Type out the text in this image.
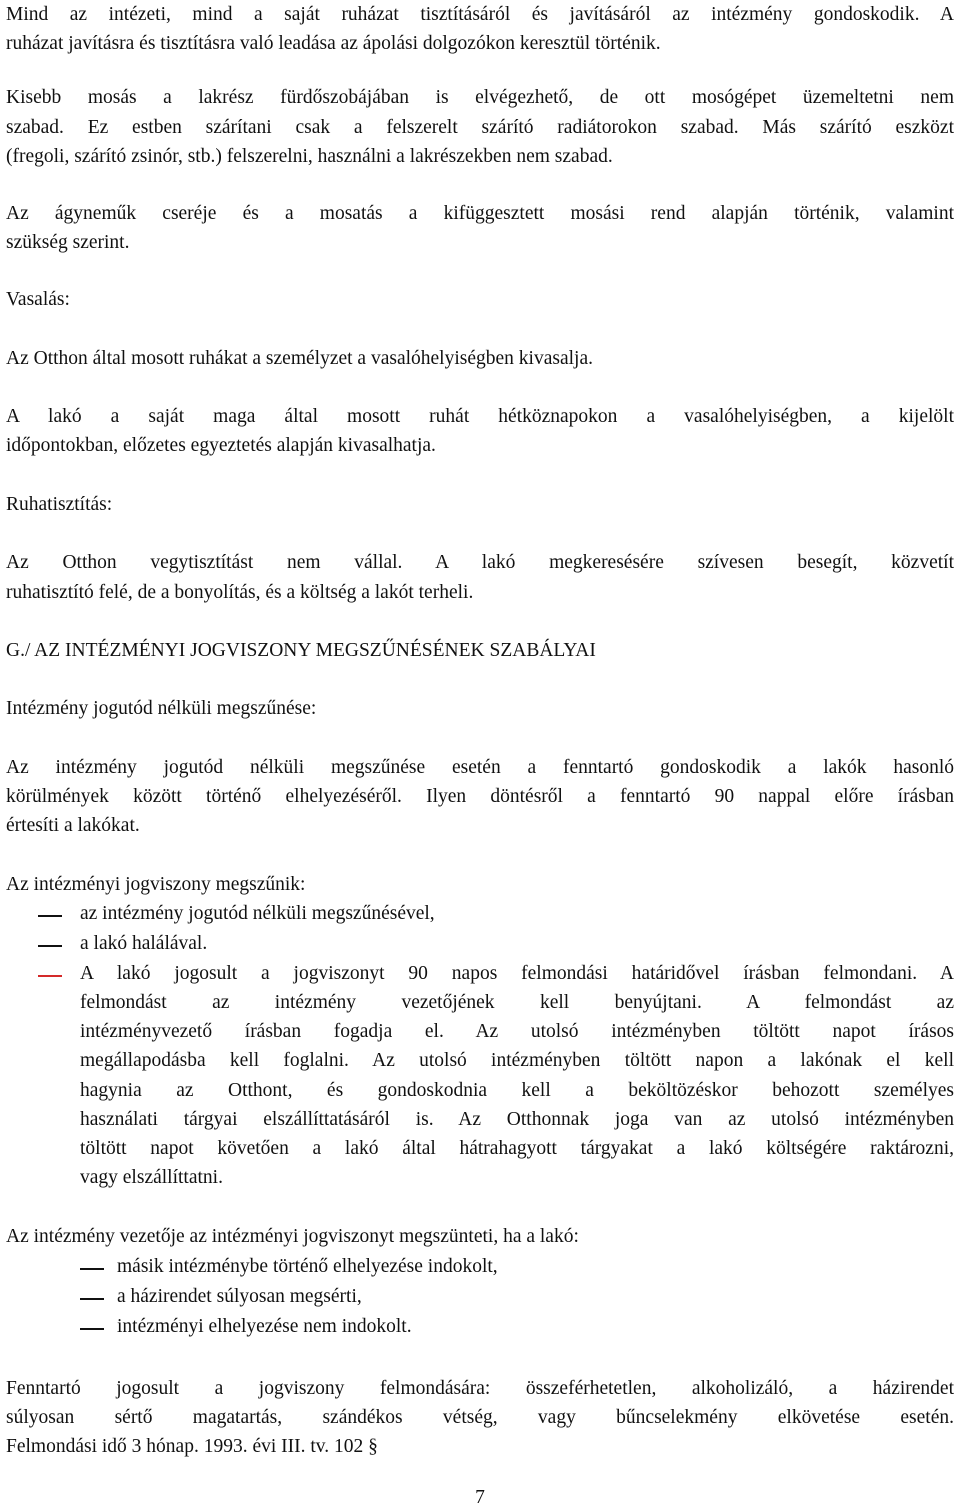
Mind az intézeti, mind a saját ruházat tisztításáról és javításáról az intézmény gondoskodik. A
ruházat javításra és tisztításra való leadása az ápolási dolgozókon keresztül történik.
Kisebb mosás a lakrész fürdőszobájában is elvégezhető, de ott mosógépet üzemeltetni nem
szabad. Ez estben szárítani csak a felszerelt szárító radiátorokon szabad. Más szárító eszközt
(fregoli, szárító zsinór, stb.) felszerelni, használni a lakrészekben nem szabad.
Az ágyneműk cseréje és a mosatás a kifüggesztett mosási rend alapján történik, valamint
szükség szerint.
Vasalás:
Az Otthon által mosott ruhákat a személyzet a vasalóhelyiségben kivasalja.
A lakó a saját maga által mosott ruhát hétköznapokon a vasalóhelyiségben, a kijelölt
időpontokban, előzetes egyeztetés alapján kivasalhatja.
Ruhatisztítás:
Az Otthon vegytisztítást nem vállal. A lakó megkeresésére szívesen besegít, közvetít
ruhatisztító felé, de a bonyolítás, és a költség a lakót terheli.
G./ AZ INTÉZMÉNYI JOGVISZONY MEGSZŰNÉSÉNEK SZABÁLYAI
Intézmény jogutód nélküli megszűnése:
Az intézmény jogutód nélküli megszűnése esetén a fenntartó gondoskodik a lakók hasonló
körülmények között történő elhelyezéséről. Ilyen döntésről a fenntartó 90 nappal előre írásban
értesíti a lakókat.
Az intézményi jogviszony megszűnik:
az intézmény jogutód nélküli megszűnésével,
a lakó halálával.
A lakó jogosult a jogviszonyt 90 napos felmondási határidővel írásban felmondani. A
felmondást az intézmény vezetőjének kell benyújtani. A felmondást az
intézményvezető írásban fogadja el. Az utolsó intézményben töltött napot írásos
megállapodásba kell foglalni. Az utolsó intézményben töltött napon a lakónak el kell
hagynia az Otthont, és gondoskodnia kell a beköltözéskor behozott személyes
használati tárgyai elszállíttatásáról is. Az Otthonnak joga van az utolsó intézményben
töltött napot követően a lakó által hátrahagyott tárgyakat a lakó költségére raktározni,
vagy elszállíttatni.
Az intézmény vezetője az intézményi jogviszonyt megszünteti, ha a lakó:
másik intézménybe történő elhelyezése indokolt,
a házirendet súlyosan megsérti,
intézményi elhelyezése nem indokolt.
Fenntartó jogosult a jogviszony felmondására: összeférhetetlen, alkoholizáló, a házirendet
súlyosan sértő magatartás, szándékos vétség, vagy bűncselekmény elkövetése esetén.
Felmondási idő 3 hónap. 1993. évi III. tv. 102 §
7
